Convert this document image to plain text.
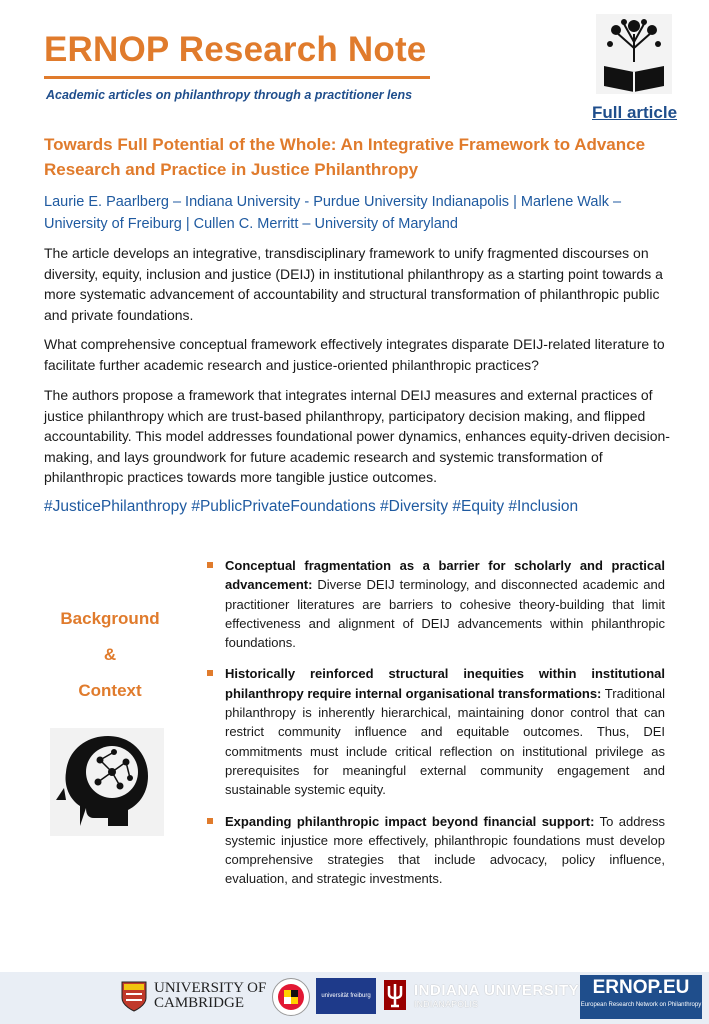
ERNOP Research Note
Academic articles on philanthropy through a practitioner lens
Full article
Towards Full Potential of the Whole: An Integrative Framework to Advance Research and Practice in Justice Philanthropy
Laurie E. Paarlberg – Indiana University - Purdue University Indianapolis | Marlene Walk – University of Freiburg | Cullen C. Merritt – University of Maryland
The article develops an integrative, transdisciplinary framework to unify fragmented discourses on diversity, equity, inclusion and justice (DEIJ) in institutional philanthropy as a starting point towards a more systematic advancement of accountability and structural transformation of philanthropic public and private foundations.
What comprehensive conceptual framework effectively integrates disparate DEIJ-related literature to facilitate further academic research and justice-oriented philanthropic practices?
The authors propose a framework that integrates internal DEIJ measures and external practices of justice philanthropy which are trust-based philanthropy, participatory decision making, and flipped accountability. This model addresses foundational power dynamics, enhances equity-driven decision-making, and lays groundwork for future academic research and systemic transformation of philanthropic practices towards more tangible justice outcomes.
#JusticePhilanthropy #PublicPrivateFoundations #Diversity #Equity #Inclusion
Background
&
Context
Conceptual fragmentation as a barrier for scholarly and practical advancement: Diverse DEIJ terminology, and disconnected academic and practitioner literatures are barriers to cohesive theory-building that limit effectiveness and alignment of DEIJ advancements within philanthropic foundations.
Historically reinforced structural inequities within institutional philanthropy require internal organisational transformations: Traditional philanthropy is inherently hierarchical, maintaining donor control that can restrict community influence and equitable outcomes. Thus, DEI commitments must include critical reflection on institutional privilege as prerequisites for meaningful external community engagement and sustainable systemic equity.
Expanding philanthropic impact beyond financial support: To address systemic injustice more effectively, philanthropic foundations must develop comprehensive strategies that include advocacy, policy influence, evaluation, and strategic investments.
UNIVERSITY OF
CAMBRIDGE	universität freiburg	INDIANA UNIVERSITY
INDIANAPOLIS
ERNOP.EU
European Research Network on Philanthropy
